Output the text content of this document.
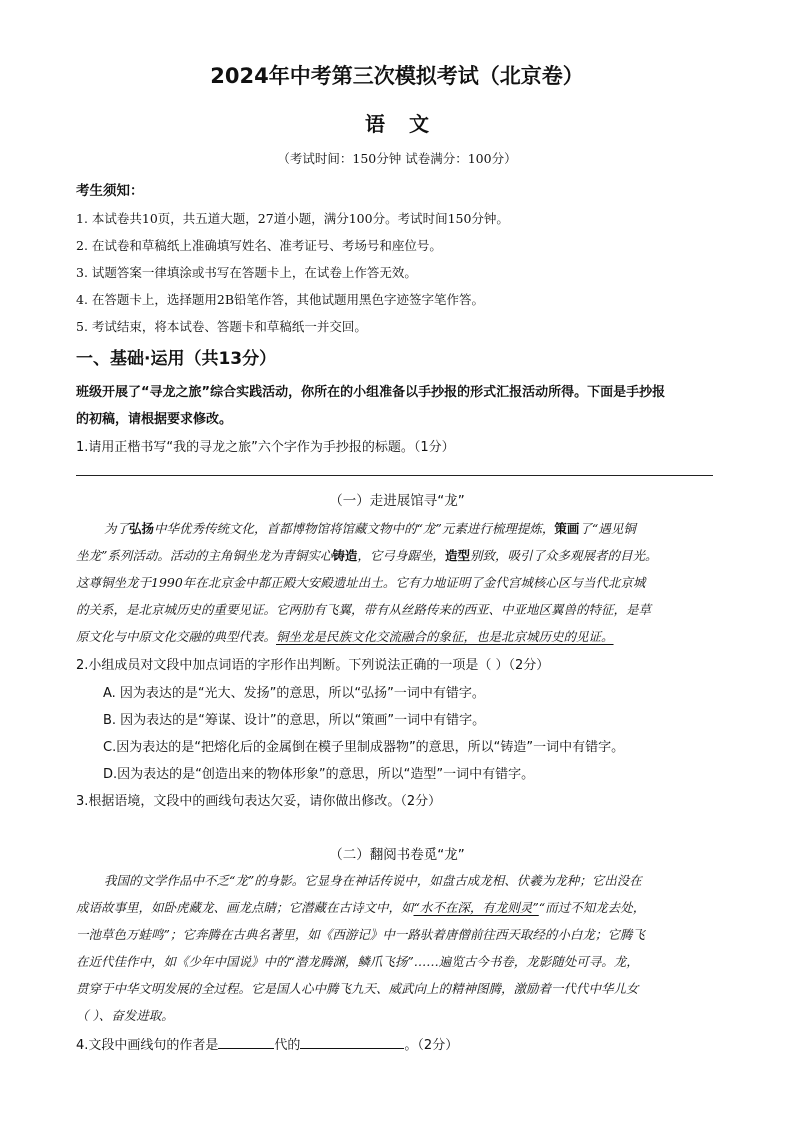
2024年中考第三次模拟考试（北京卷）
语文
（考试时间：150分钟 试卷满分：100分）
考生须知：
1. 本试卷共10页，共五道大题，27道小题，满分100分。考试时间150分钟。
2. 在试卷和草稿纸上准确填写姓名、准考证号、考场号和座位号。
3. 试题答案一律填涂或书写在答题卡上，在试卷上作答无效。
4. 在答题卡上，选择题用2B铅笔作答，其他试题用黑色字迹签字笔作答。
5. 考试结束，将本试卷、答题卡和草稿纸一并交回。
一、基础·运用（共13分）
班级开展了“寻龙之旅”综合实践活动，你所在的小组准备以手抄报的形式汇报活动所得。下面是手抄报
的初稿，请根据要求修改。
1.请用正楷书写“我的寻龙之旅”六个字作为手抄报的标题。（1分）
（一）走进展馆寻“龙”
为了弘扬中华优秀传统文化，首都博物馆将馆藏文物中的“龙”元素进行梳理提炼，策画了“遇见铜
坐龙”系列活动。活动的主角铜坐龙为青铜实心铸造，它弓身踞坐，造型别致，吸引了众多观展者的目光。
这尊铜坐龙于1990年在北京金中都正殿大安殿遗址出土。它有力地证明了金代宫城核心区与当代北京城
的关系，是北京城历史的重要见证。它两肋有飞翼，带有从丝路传来的西亚、中亚地区翼兽的特征，是草
原文化与中原文化交融的典型代表。铜坐龙是民族文化交流融合的象征，也是北京城历史的见证。
2.小组成员对文段中加点词语的字形作出判断。下列说法正确的一项是（ ）（2分）
A. 因为表达的是“光大、发扬”的意思，所以“弘扬”一词中有错字。
B. 因为表达的是“筹谋、设计”的意思，所以“策画”一词中有错字。
C.因为表达的是“把熔化后的金属倒在模子里制成器物”的意思，所以“铸造”一词中有错字。
D.因为表达的是“创造出来的物体形象”的意思，所以“造型”一词中有错字。
3.根据语境，文段中的画线句表达欠妥，请你做出修改。（2分）
（二）翻阅书卷觅“龙”
我国的文学作品中不乏“龙”的身影。它显身在神话传说中，如盘古成龙相、伏羲为龙种；它出没在
成语故事里，如卧虎藏龙、画龙点睛；它潜藏在古诗文中，如“水不在深，有龙则灵”“而过不知龙去处，
一池草色万蛙鸣”；它奔腾在古典名著里，如《西游记》中一路驮着唐僧前往西天取经的小白龙；它腾飞
在近代佳作中，如《少年中国说》中的“潜龙腾渊，鳞爪飞扬”……遍览古今书卷，龙影随处可寻。龙，
贯穿于中华文明发展的全过程。它是国人心中腾飞九天、威武向上的精神图腾，激励着一代代中华儿女
（ ）、奋发进取。
4.文段中画线句的作者是	代的	。（2分）
